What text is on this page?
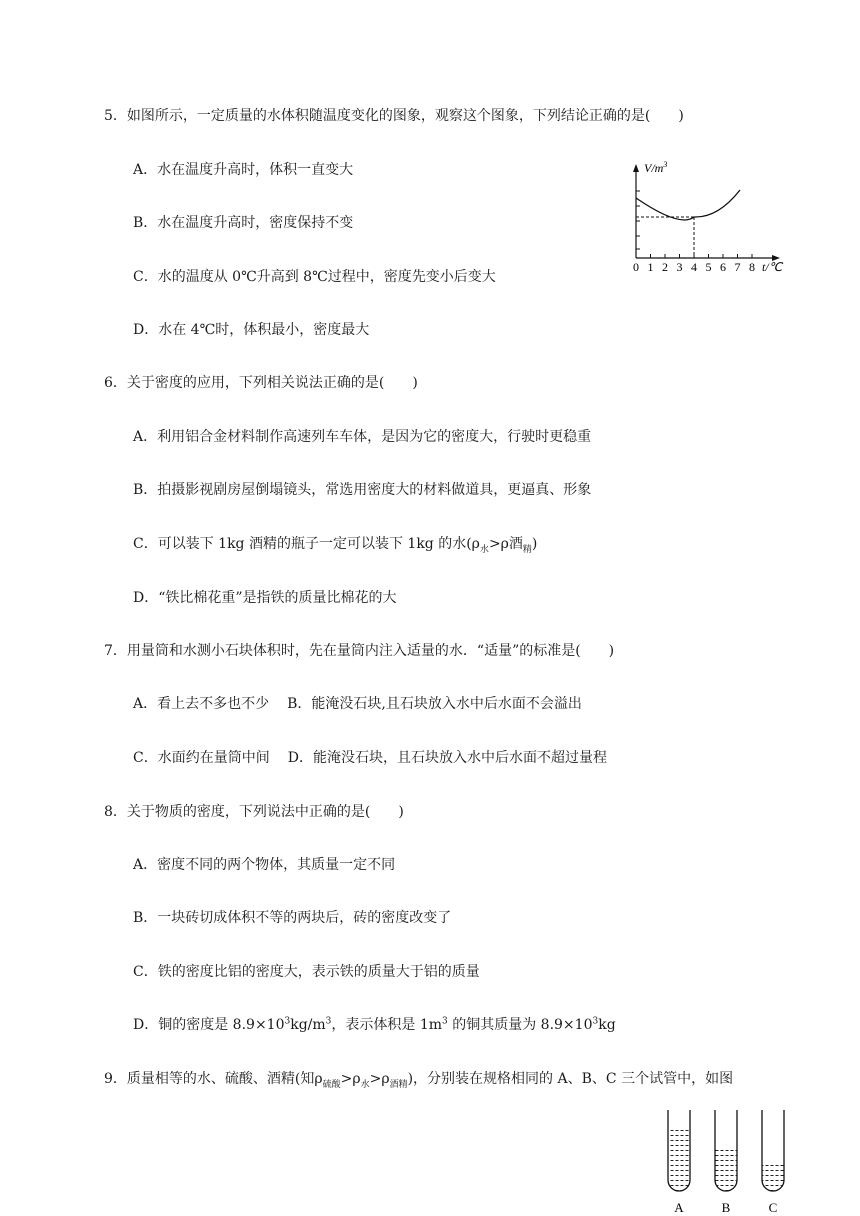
5．如图所示，一定质量的水体积随温度变化的图象，观察这个图象，下列结论正确的是(　　)
A．水在温度升高时，体积一直变大
B．水在温度升高时，密度保持不变
C．水的温度从 0℃升高到 8℃过程中，密度先变小后变大
D．水在 4℃时，体积最小，密度最大
0 1 2 3 4 5 6 7 8
$V/m^3$
t/℃
6．关于密度的应用，下列相关说法正确的是(　　)
A．利用铝合金材料制作高速列车车体，是因为它的密度大，行驶时更稳重
B．拍摄影视剧房屋倒塌镜头，常选用密度大的材料做道具，更逼真、形象
C．可以装下 1kg 酒精的瓶子一定可以装下 1kg 的水($\rho_水>\rho$酒$_精$)
D．“铁比棉花重”是指铁的质量比棉花的大
7．用量筒和水测小石块体积时，先在量筒内注入适量的水．“适量”的标准是(　　)
A．看上去不多也不少 B．能淹没石块,且石块放入水中后水面不会溢出
C．水面约在量筒中间 D．能淹没石块，且石块放入水中后水面不超过量程
8．关于物质的密度，下列说法中正确的是(　　)
A．密度不同的两个物体，其质量一定不同
B．一块砖切成体积不等的两块后，砖的密度改变了
C．铁的密度比铝的密度大，表示铁的质量大于铝的质量
D．铜的密度是 $8.9\times 10^3kg/m^3$，表示体积是 $1m^3$ 的铜其质量为 $8.9\times 10^3kg$
9．质量相等的水、硫酸、酒精(知$\rho_{硫酸}>\rho_水>\rho_{酒精}$)，分别装在规格相同的 A、B、C 三个试管中，如图
A	B	C
